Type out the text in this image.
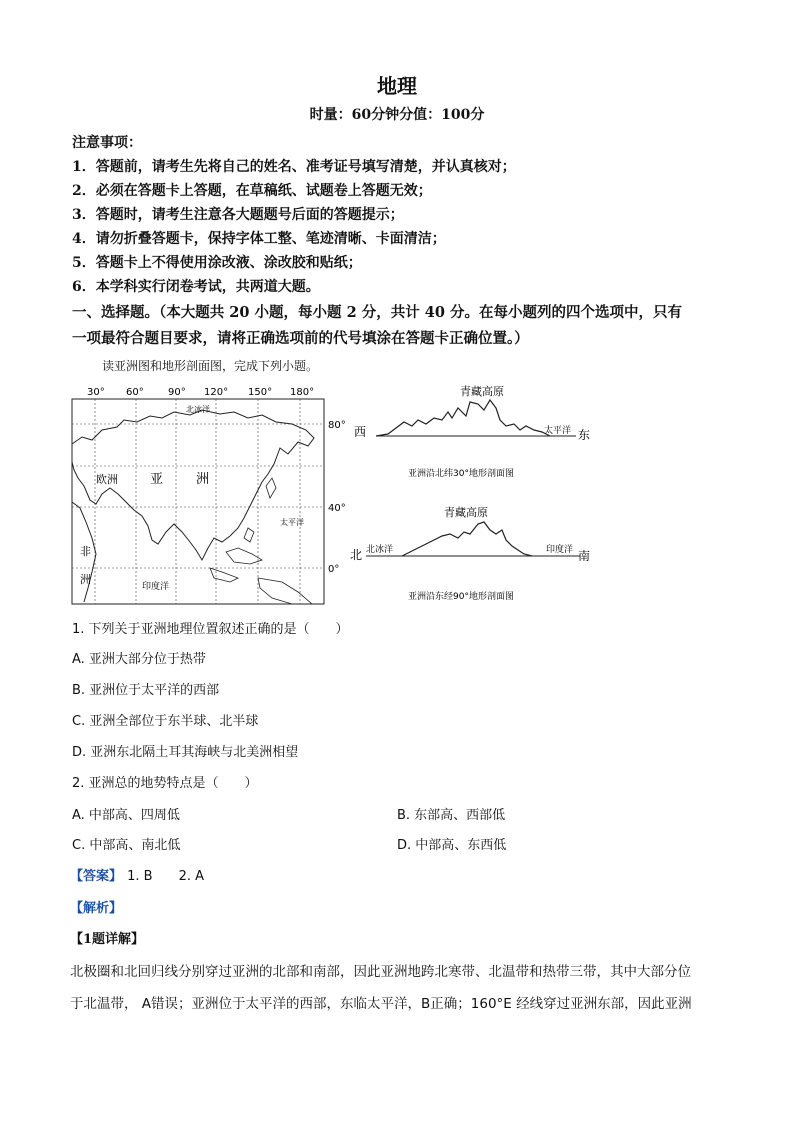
地理
时量：60分钟分值：100分
注意事项：
1．答题前，请考生先将自己的姓名、准考证号填写清楚，并认真核对；
2．必须在答题卡上答题，在草稿纸、试题卷上答题无效；
3．答题时，请考生注意各大题题号后面的答题提示；
4．请勿折叠答题卡，保持字体工整、笔迹清晰、卡面清洁；
5．答题卡上不得使用涂改液、涂改胶和贴纸；
6．本学科实行闭卷考试，共两道大题。
一、选择题。（本大题共 20 小题，每小题 2 分，共计 40 分。在每小题列的四个选项中，只有
一项最符合题目要求，请将正确选项前的代号填涂在答题卡正确位置。）
读亚洲图和地形剖面图，完成下列小题。
30° 60° 90° 120° 150° 180°
80°
40°
0°
北冰洋
欧洲 亚	洲
非
洲
印度洋
太平洋
青藏高原
西	东
太平洋
亚洲沿北纬30°地形剖面图
青藏高原
北	南
北冰洋	印度洋
亚洲沿东经90°地形剖面图
1. 下列关于亚洲地理位置叙述正确的是（　　）
A. 亚洲大部分位于热带
B. 亚洲位于太平洋的西部
C. 亚洲全部位于东半球、北半球
D. 亚洲东北隔土耳其海峡与北美洲相望
2. 亚洲总的地势特点是（　　）
A. 中部高、四周低	B. 东部高、西部低
C. 中部高、南北低	D. 中部高、东西低
【答案】 1. B　　2. A
【解析】
【1题详解】
北极圈和北回归线分别穿过亚洲的北部和南部，因此亚洲地跨北寒带、北温带和热带三带，其中大部分位
于北温带， A错误；亚洲位于太平洋的西部，东临太平洋，B正确；160°E 经线穿过亚洲东部，因此亚洲
